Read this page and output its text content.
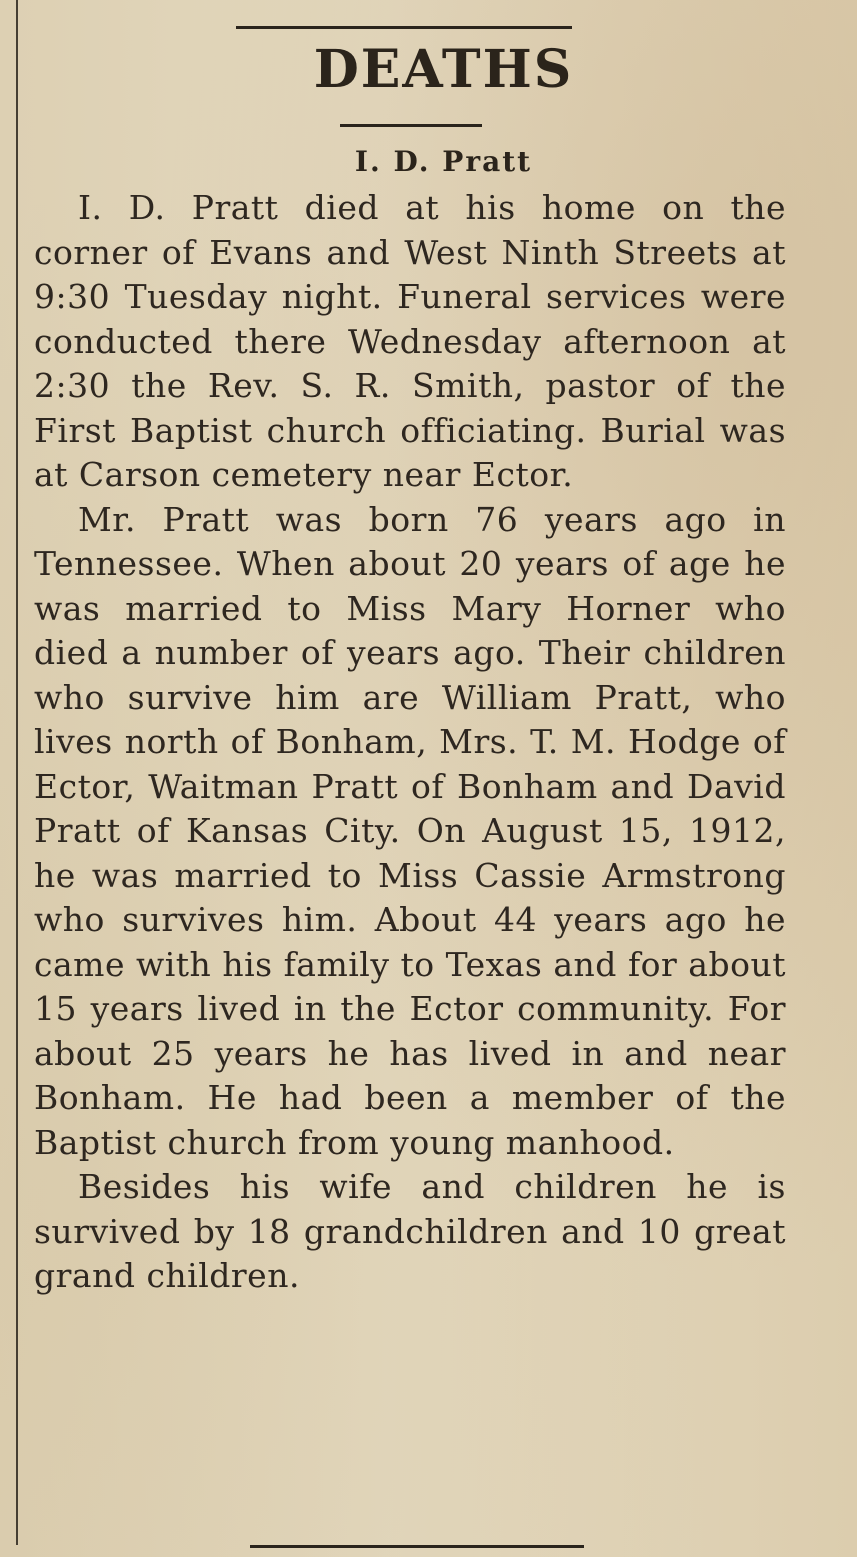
DEATHS
I. D. Pratt

I. D. Pratt died at his home on the corner of Evans and West Ninth Streets at 9:30 Tuesday night. Funeral services were conducted there Wednesday afternoon at 2:30 the Rev. S. R. Smith, pastor of the First Baptist church officiating. Burial was at Carson cemetery near Ector.

Mr. Pratt was born 76 years ago in Tennessee. When about 20 years of age he was married to Miss Mary Horner who died a number of years ago. Their children who survive him are William Pratt, who lives north of Bonham, Mrs. T. M. Hodge of Ector, Waitman Pratt of Bonham and David Pratt of Kansas City. On August 15, 1912, he was married to Miss Cassie Armstrong who survives him. About 44 years ago he came with his family to Texas and for about 15 years lived in the Ector community. For about 25 years he has lived in and near Bonham. He had been a member of the Baptist church from young manhood.

Besides his wife and children he is survived by 18 grandchildren and 10 great grand children.
